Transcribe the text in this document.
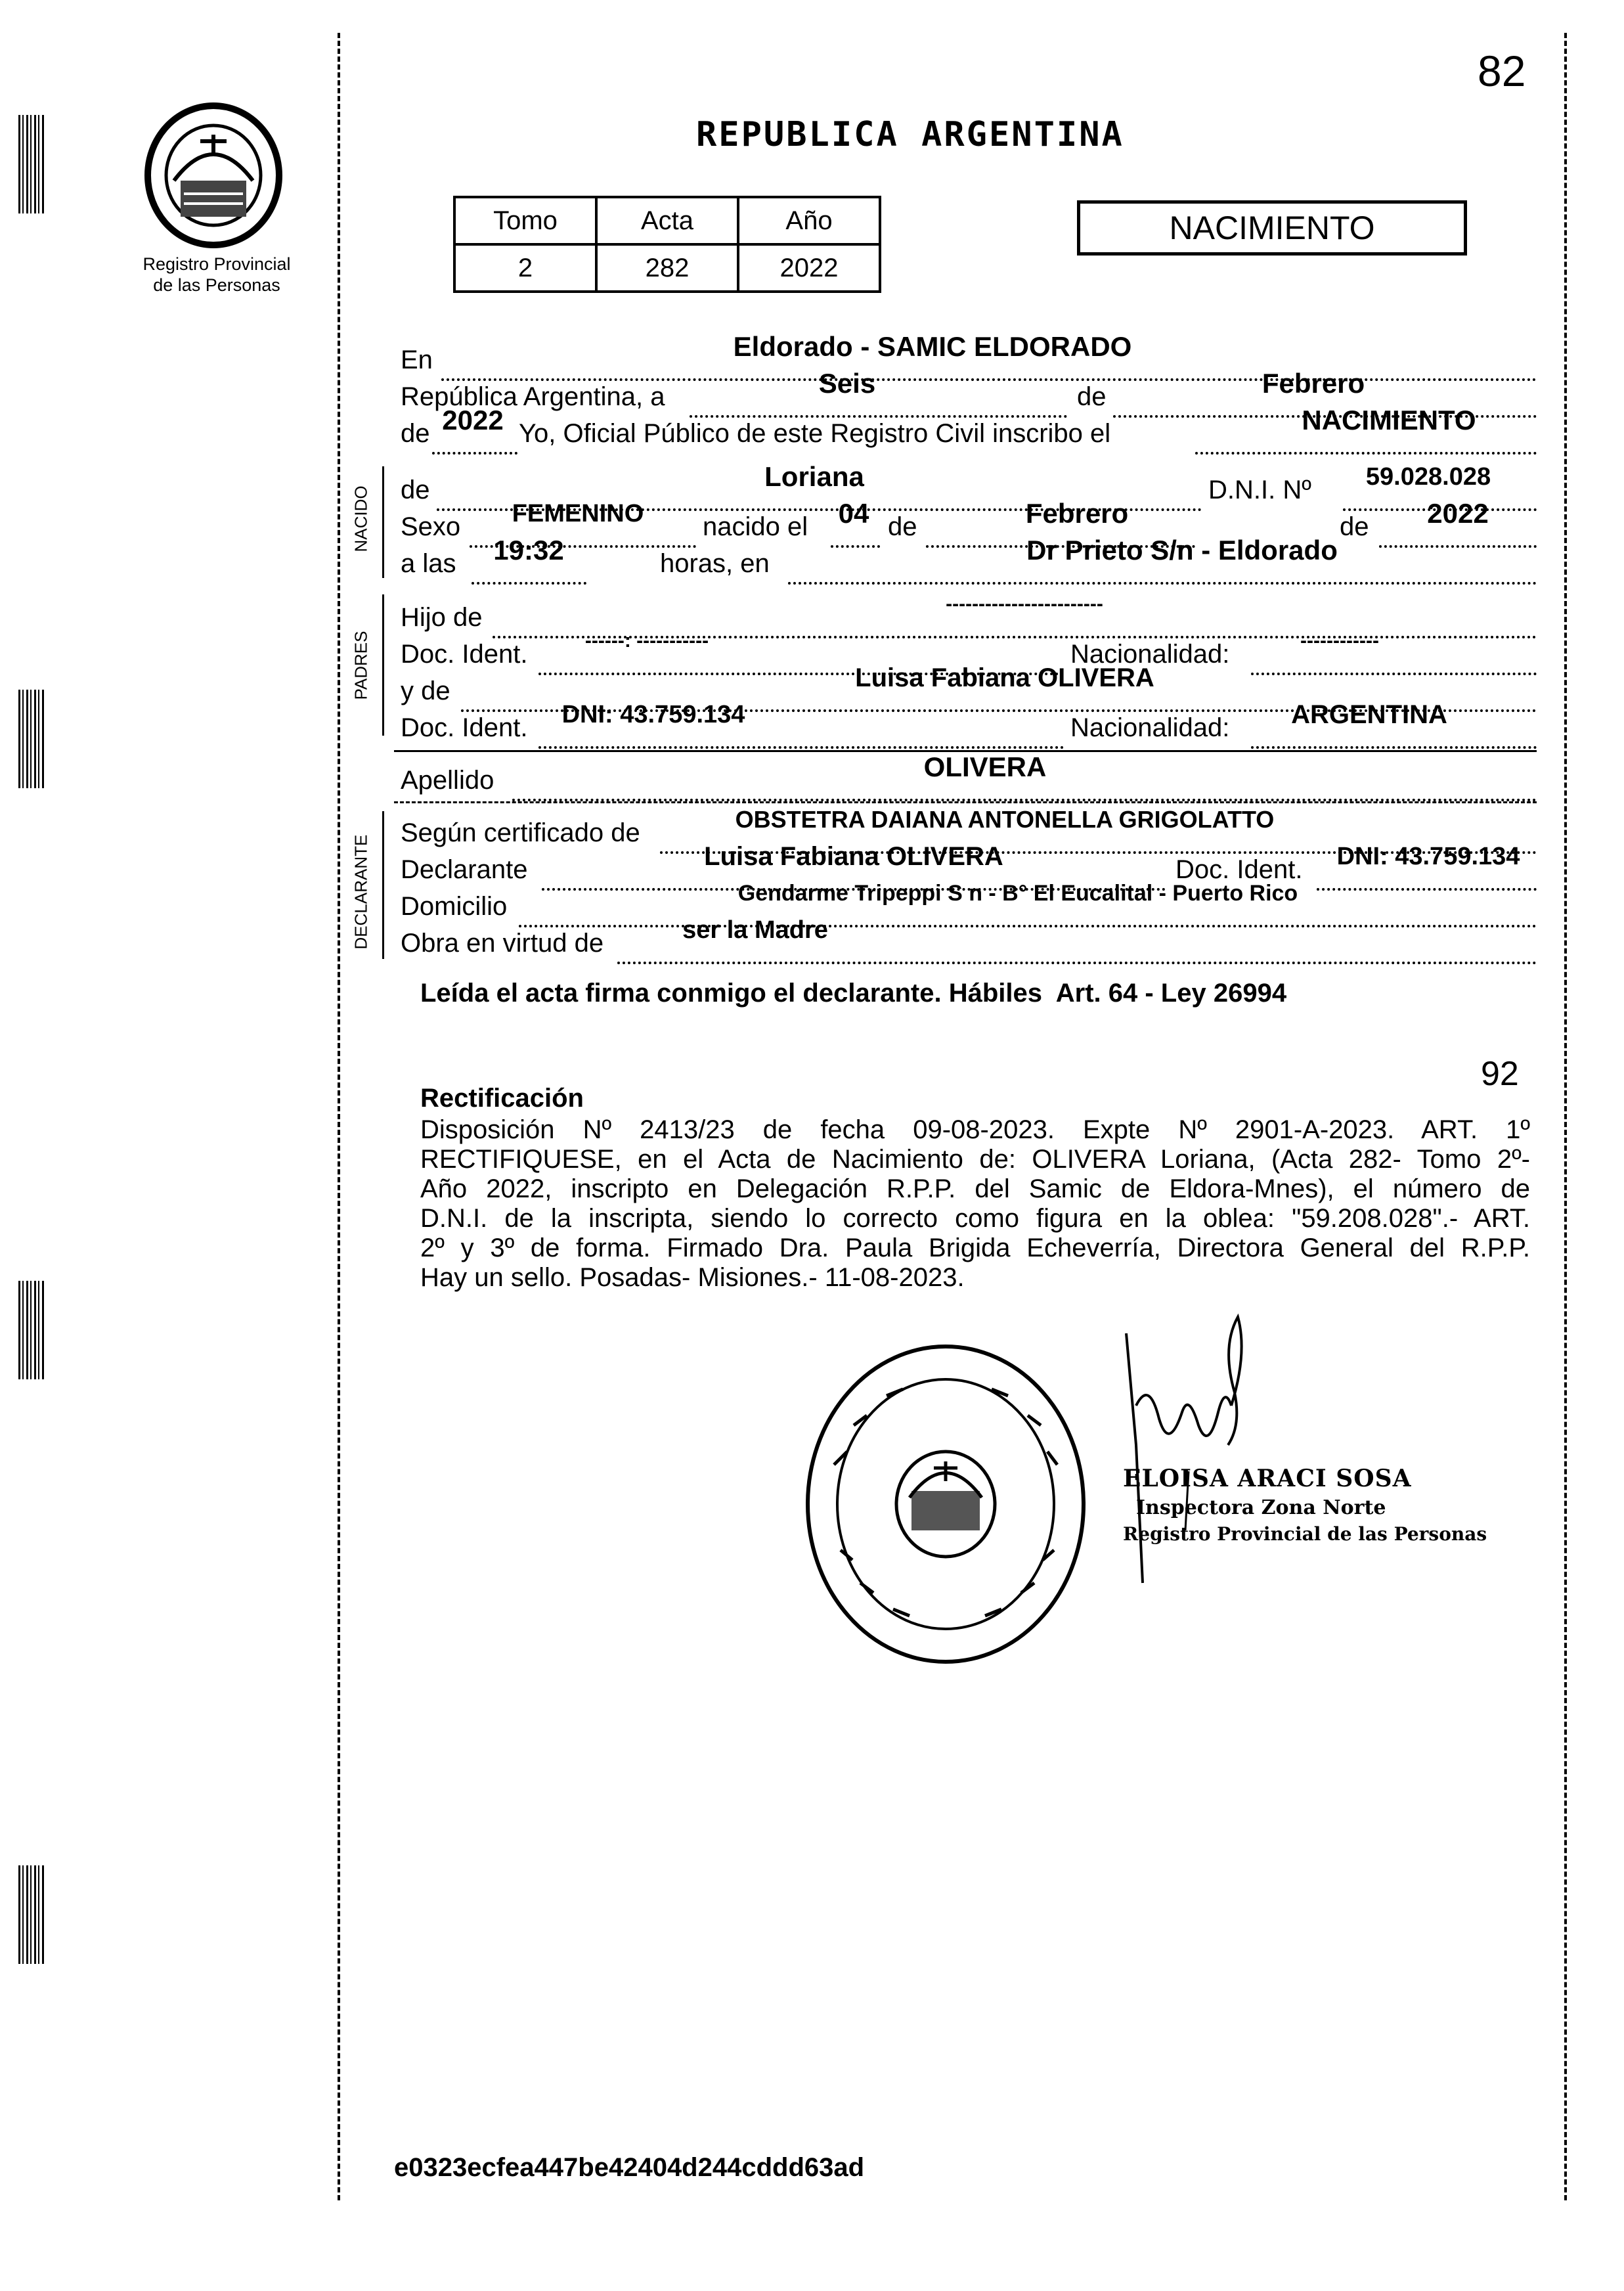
Registro Provincial
de las Personas
82
REPUBLICA ARGENTINA
Tomo	Acta	Año
2	282	2022
NACIMIENTO
En	Eldorado - SAMIC ELDORADO
República Argentina, a	Seis	de	Febrero
de 2022 Yo, Oficial Público de este Registro Civil inscribo el	NACIMIENTO
NACIDO de	Loriana	D.N.I. Nº	59.028.028
Sexo	FEMENINO	nacido el	04 de	Febrero	de	2022
a las	19:32	horas, en	Dr Prieto S/n - Eldorado
PADRES
Hijo de	------------------------
Doc. Ident.	------: -----------	Nacionalidad:	------------
y de	Luisa Fabiana OLIVERA
Doc. Ident.	DNI: 43.759.134	Nacionalidad:	ARGENTINA
Apellido	OLIVERA
DECLARANTE
Según certificado de	OBSTETRA DAIANA ANTONELLA GRIGOLATTO
Declarante	Luisa Fabiana OLIVERA	Doc. Ident.	DNI: 43.759.134
Domicilio	Gendarme Tripeppi S n - B° El Eucalital - Puerto Rico
Obra en virtud de	ser la Madre
Leída el acta firma conmigo el declarante. Hábiles  Art. 64 - Ley 26994
92
Rectificación
Disposición Nº 2413/23 de fecha 09-08-2023. Expte Nº 2901-A-2023. ART. 1º
RECTIFIQUESE, en el Acta de Nacimiento de: OLIVERA Loriana, (Acta 282- Tomo 2º-
Año 2022, inscripto en Delegación R.P.P. del Samic de Eldora-Mnes), el número de
D.N.I. de la inscripta, siendo lo correcto como figura en la oblea: "59.208.028".- ART.
2º y 3º de forma. Firmado Dra. Paula Brigida Echeverría, Directora General del R.P.P.
Hay un sello. Posadas- Misiones.- 11-08-2023.
ELOISA ARACI SOSA
Inspectora Zona Norte
Registro Provincial de las Personas
e0323ecfea447be42404d244cddd63ad
